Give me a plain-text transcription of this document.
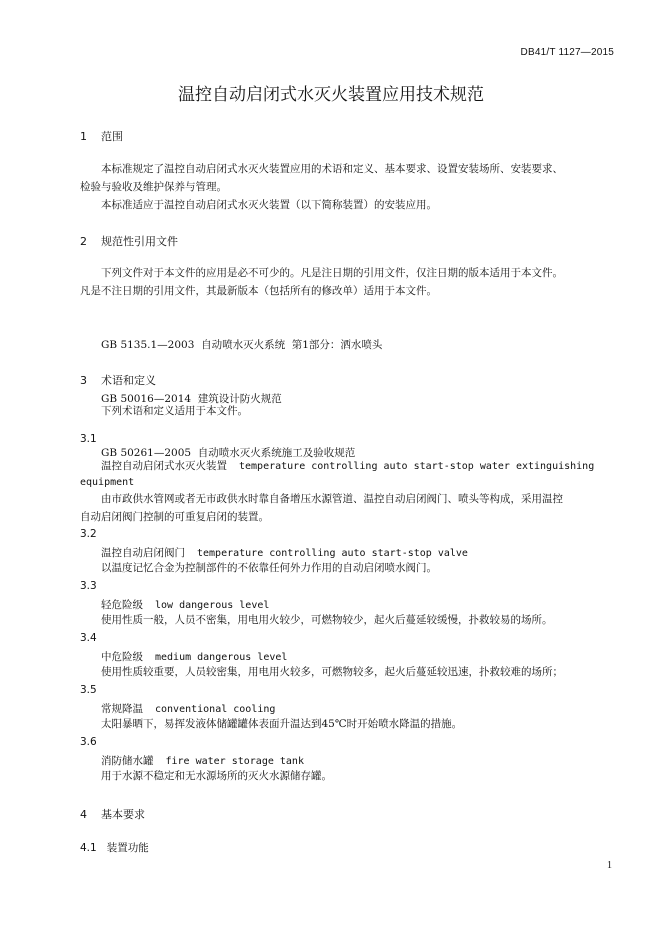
DB41/T 1127—2015
温控自动启闭式水灭火装置应用技术规范
1 范围
本标准规定了温控自动启闭式水灭火装置应用的术语和定义、基本要求、设置安装场所、安装要求、
检验与验收及维护保养与管理。
本标准适应于温控自动启闭式水灭火装置（以下简称装置）的安装应用。
2 规范性引用文件
下列文件对于本文件的应用是必不可少的。凡是注日期的引用文件，仅注日期的版本适用于本文件。
凡是不注日期的引用文件，其最新版本（包括所有的修改单）适用于本文件。

GB 5135.1—2003  自动喷水灭火系统  第1部分：洒水喷头

GB 50016—2014  建筑设计防火规范

GB 50261—2005  自动喷水灭火系统施工及验收规范

3 术语和定义
下列术语和定义适用于本文件。
3.1
温控自动启闭式水灭火装置 temperature controlling auto start-stop water extinguishing
equipment
由市政供水管网或者无市政供水时靠自备增压水源管道、温控自动启闭阀门、喷头等构成，采用温控
自动启闭阀门控制的可重复启闭的装置。
3.2
温控自动启闭阀门 temperature controlling auto start-stop valve
以温度记忆合金为控制部件的不依靠任何外力作用的自动启闭喷水阀门。
3.3
轻危险级 low dangerous level
使用性质一般，人员不密集，用电用火较少，可燃物较少，起火后蔓延较缓慢，扑救较易的场所。
3.4
中危险级 medium dangerous level
使用性质较重要，人员较密集，用电用火较多，可燃物较多，起火后蔓延较迅速，扑救较难的场所；
3.5
常规降温 conventional cooling
太阳暴晒下，易挥发液体储罐罐体表面升温达到45℃时开始喷水降温的措施。
3.6
消防储水罐 fire water storage tank
用于水源不稳定和无水源场所的灭火水源储存罐。
4 基本要求
4.1 装置功能
1
